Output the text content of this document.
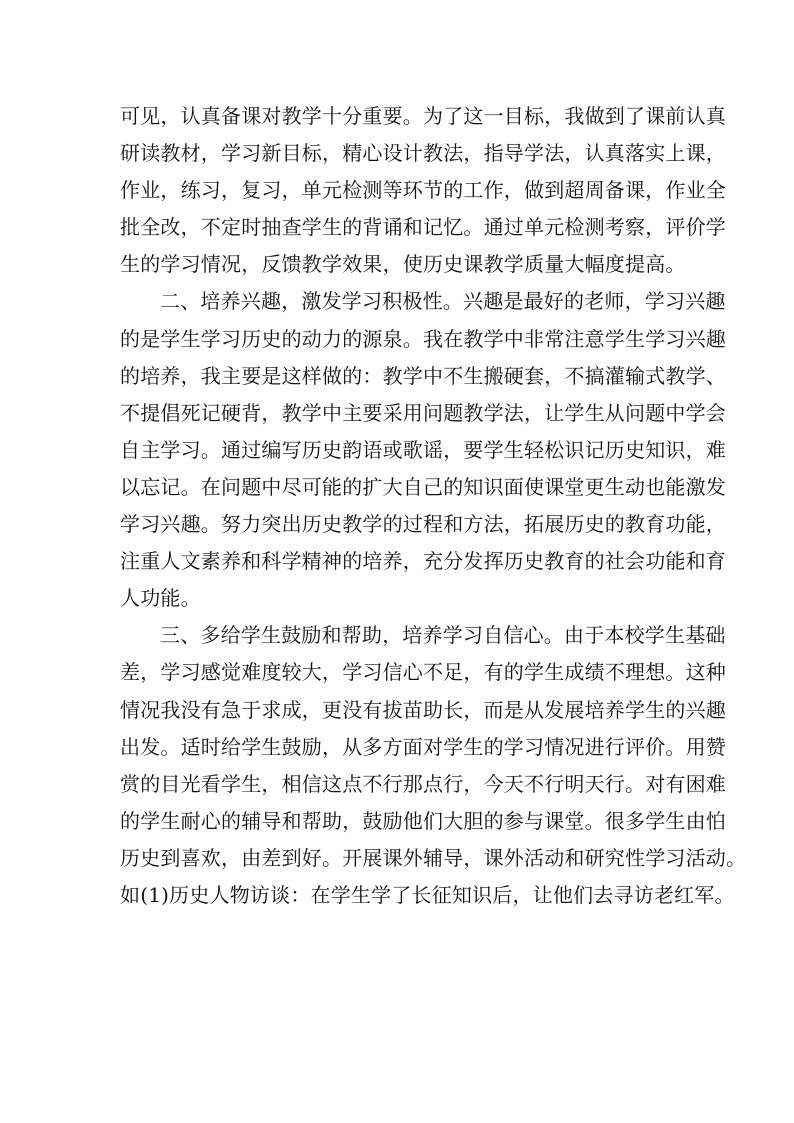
可见，认真备课对教学十分重要。为了这一目标，我做到了课前认真
研读教材，学习新目标，精心设计教法，指导学法，认真落实上课，
作业，练习，复习，单元检测等环节的工作，做到超周备课，作业全
批全改，不定时抽查学生的背诵和记忆。通过单元检测考察，评价学
生的学习情况，反馈教学效果，使历史课教学质量大幅度提高。
二、培养兴趣，激发学习积极性。兴趣是最好的老师，学习兴趣
的是学生学习历史的动力的源泉。我在教学中非常注意学生学习兴趣
的培养，我主要是这样做的：教学中不生搬硬套，不搞灌输式教学、
不提倡死记硬背，教学中主要采用问题教学法，让学生从问题中学会
自主学习。通过编写历史韵语或歌谣，要学生轻松识记历史知识，难
以忘记。在问题中尽可能的扩大自己的知识面使课堂更生动也能激发
学习兴趣。努力突出历史教学的过程和方法，拓展历史的教育功能，
注重人文素养和科学精神的培养，充分发挥历史教育的社会功能和育
人功能。
三、多给学生鼓励和帮助，培养学习自信心。由于本校学生基础
差，学习感觉难度较大，学习信心不足，有的学生成绩不理想。这种
情况我没有急于求成，更没有拔苗助长，而是从发展培养学生的兴趣
出发。适时给学生鼓励，从多方面对学生的学习情况进行评价。用赞
赏的目光看学生，相信这点不行那点行，今天不行明天行。对有困难
的学生耐心的辅导和帮助，鼓励他们大胆的参与课堂。很多学生由怕
历史到喜欢，由差到好。开展课外辅导，课外活动和研究性学习活动。
如(1)历史人物访谈：在学生学了长征知识后，让他们去寻访老红军。
